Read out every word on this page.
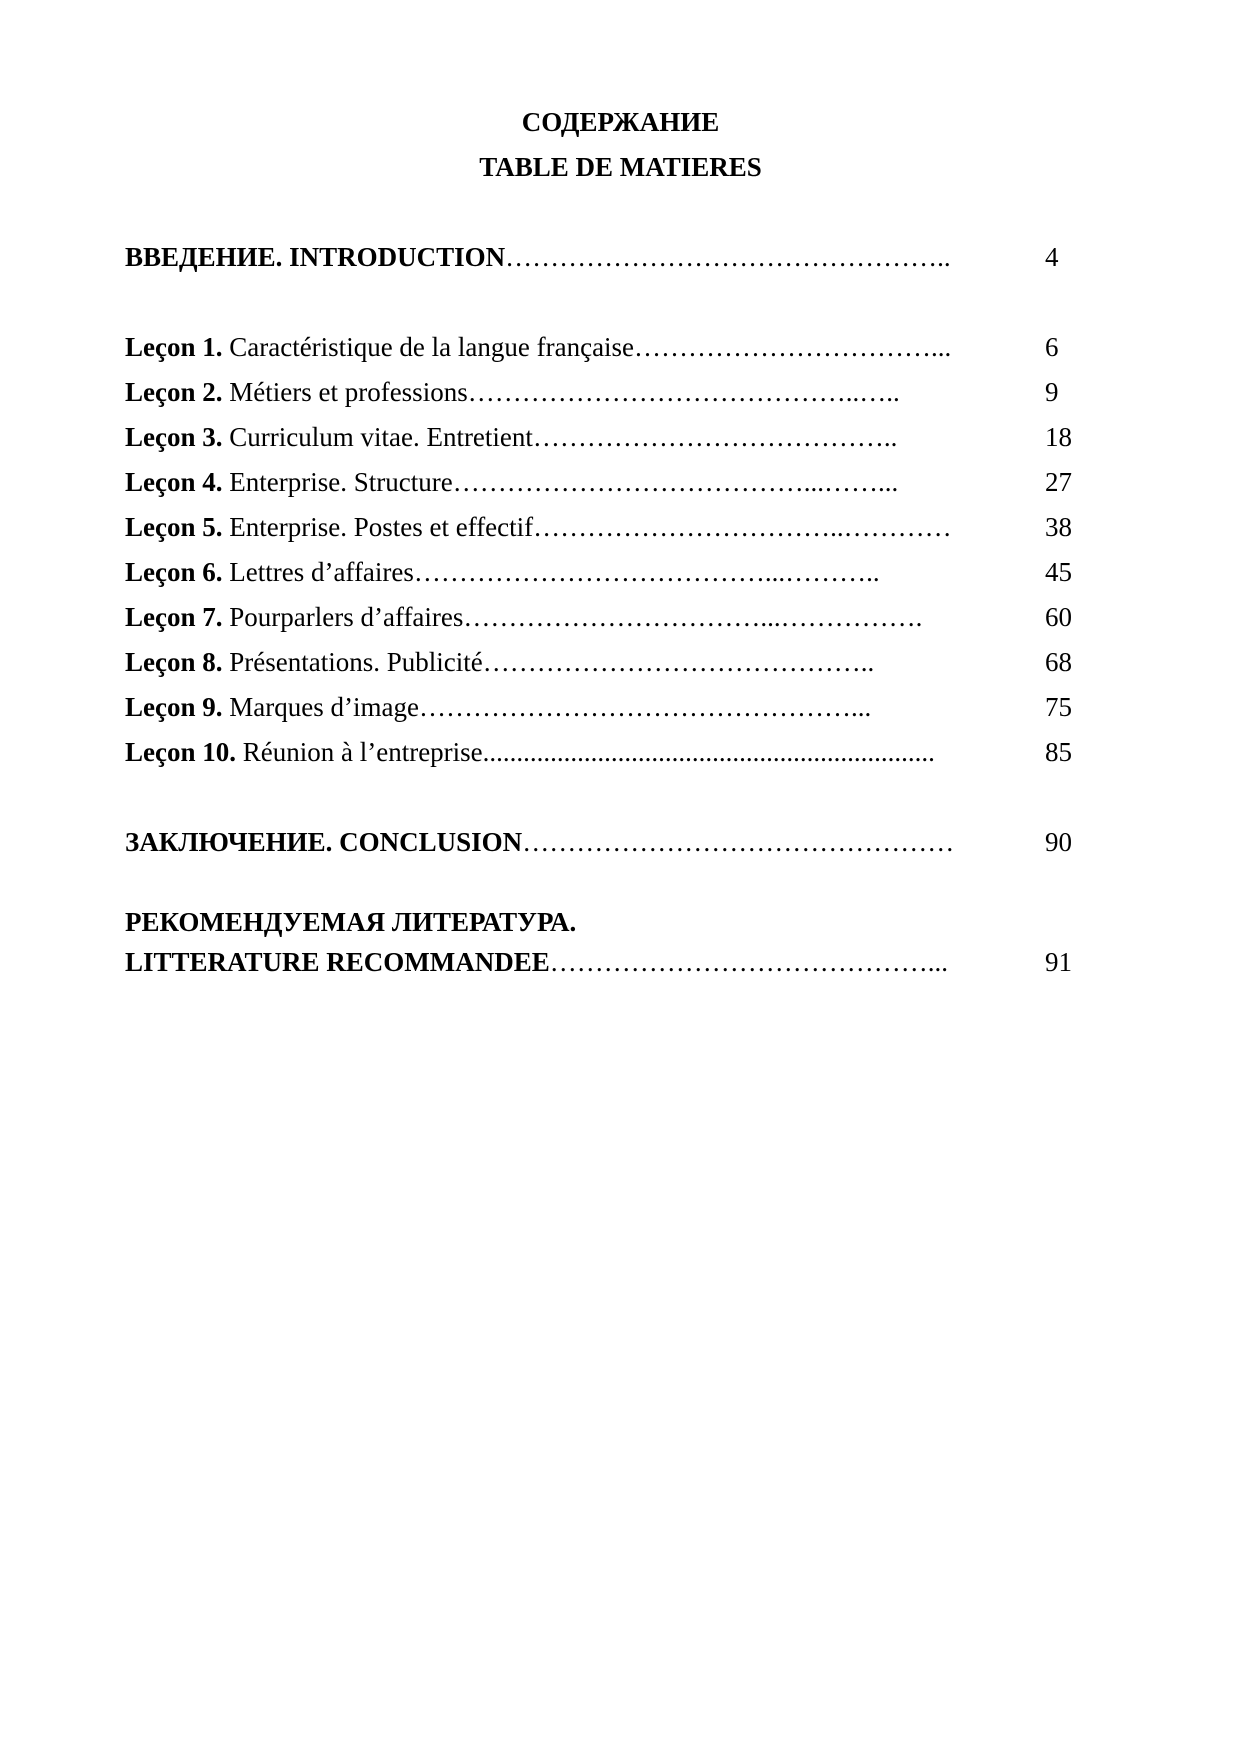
СОДЕРЖАНИЕ
TABLE DE MATIERES
ВВЕДЕНИЕ. INTRODUCTION…………………………………………..	4
Leçon 1. Caractéristique de la langue française……………………………...	6
Leçon 2. Métiers et professions……………………………………..…..	9
Leçon 3. Curriculum vitae. Entretient…………………………………..	18
Leçon 4. Enterprise. Structure…………………………………...……...	27
Leçon 5. Enterprise. Postes et effectif……………………………..…………	38
Leçon 6. Lettres d’affaires…………………………………...………..	45
Leçon 7. Pourparlers d’affaires……………………………...…………….	60
Leçon 8. Présentations. Publicité……………………………………..	68
Leçon 9. Marques d’image…………………………………………...	75
Leçon 10. Réunion à l’entreprise...................................................................	85
ЗАКЛЮЧЕНИЕ. CONCLUSION…………………………………………	90
РЕКОМЕНДУЕМАЯ ЛИТЕРАТУРА.
LITTERATURE RECOMMANDEE……………………………………...	91
